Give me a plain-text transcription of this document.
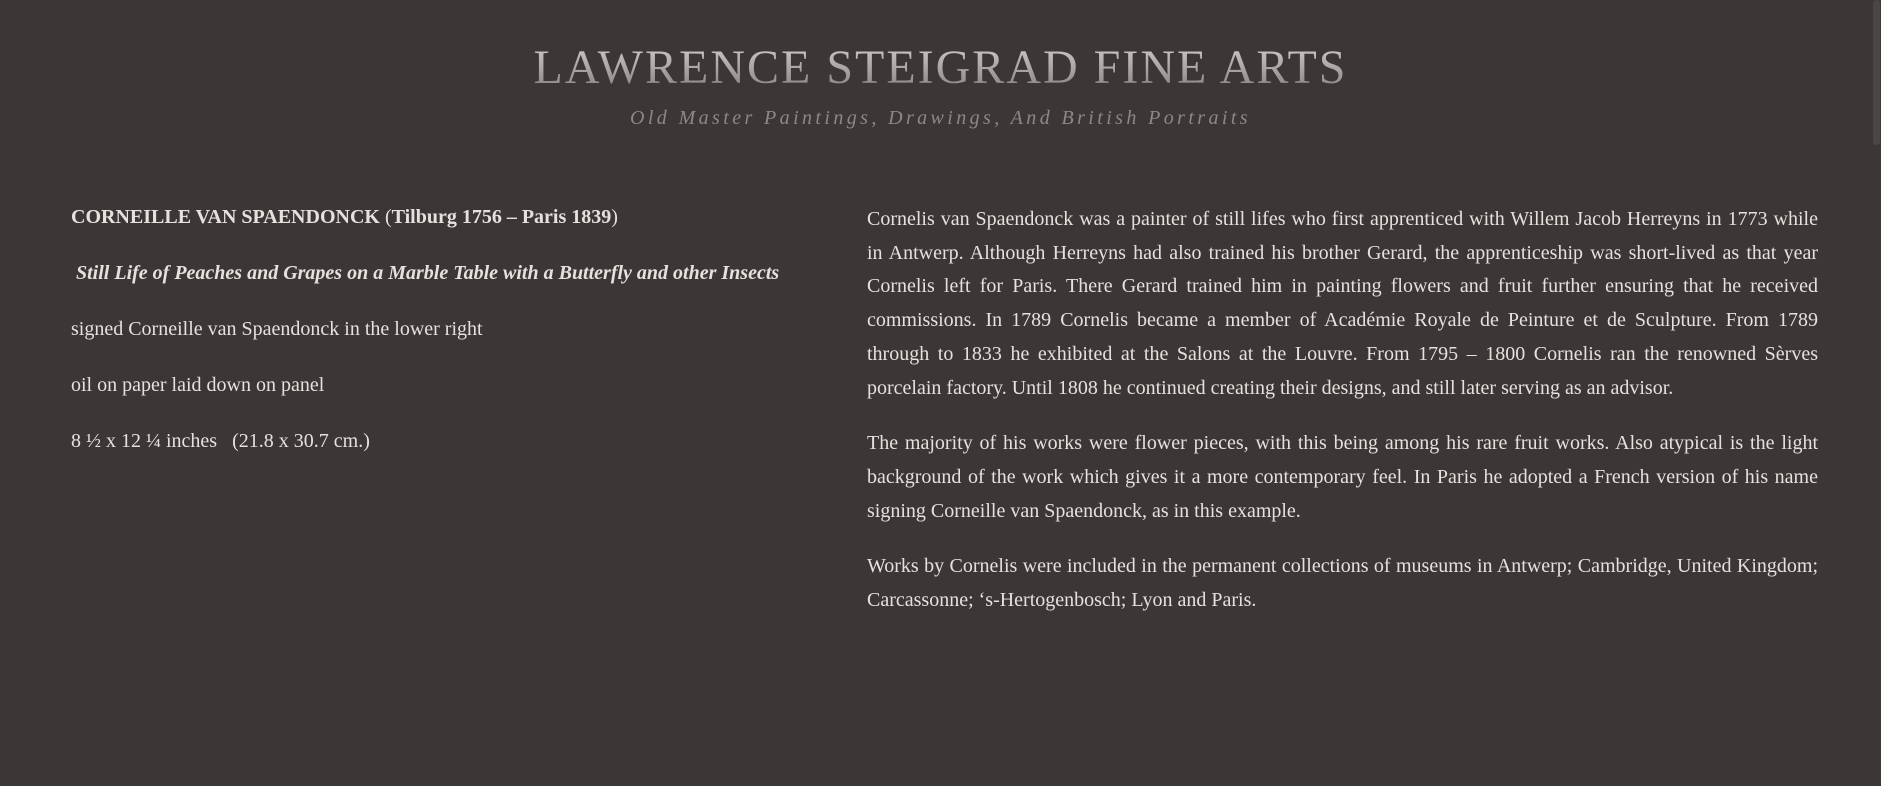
LAWRENCE STEIGRAD FINE ARTS
Old Master Paintings, Drawings, And British Portraits

CORNEILLE VAN SPAENDONCK (Tilburg 1756 – Paris 1839)

Still Life of Peaches and Grapes on a Marble Table with a Butterfly and other Insects

signed Corneille van Spaendonck in the lower right

oil on paper laid down on panel

8 ½ x 12 ¼ inches   (21.8 x 30.7 cm.)

Cornelis van Spaendonck was a painter of still lifes who first apprenticed with Willem Jacob Herreyns in 1773 while in Antwerp. Although Herreyns had also trained his brother Gerard, the apprenticeship was short-lived as that year Cornelis left for Paris. There Gerard trained him in painting flowers and fruit further ensuring that he received commissions. In 1789 Cornelis became a member of Académie Royale de Peinture et de Sculpture. From 1789 through to 1833 he exhibited at the Salons at the Louvre. From 1795 – 1800 Cornelis ran the renowned Sèrves porcelain factory. Until 1808 he continued creating their designs, and still later serving as an advisor.

The majority of his works were flower pieces, with this being among his rare fruit works. Also atypical is the light background of the work which gives it a more contemporary feel. In Paris he adopted a French version of his name signing Corneille van Spaendonck, as in this example.

Works by Cornelis were included in the permanent collections of museums in Antwerp; Cambridge, United Kingdom; Carcassonne; ‘s-Hertogenbosch; Lyon and Paris.
